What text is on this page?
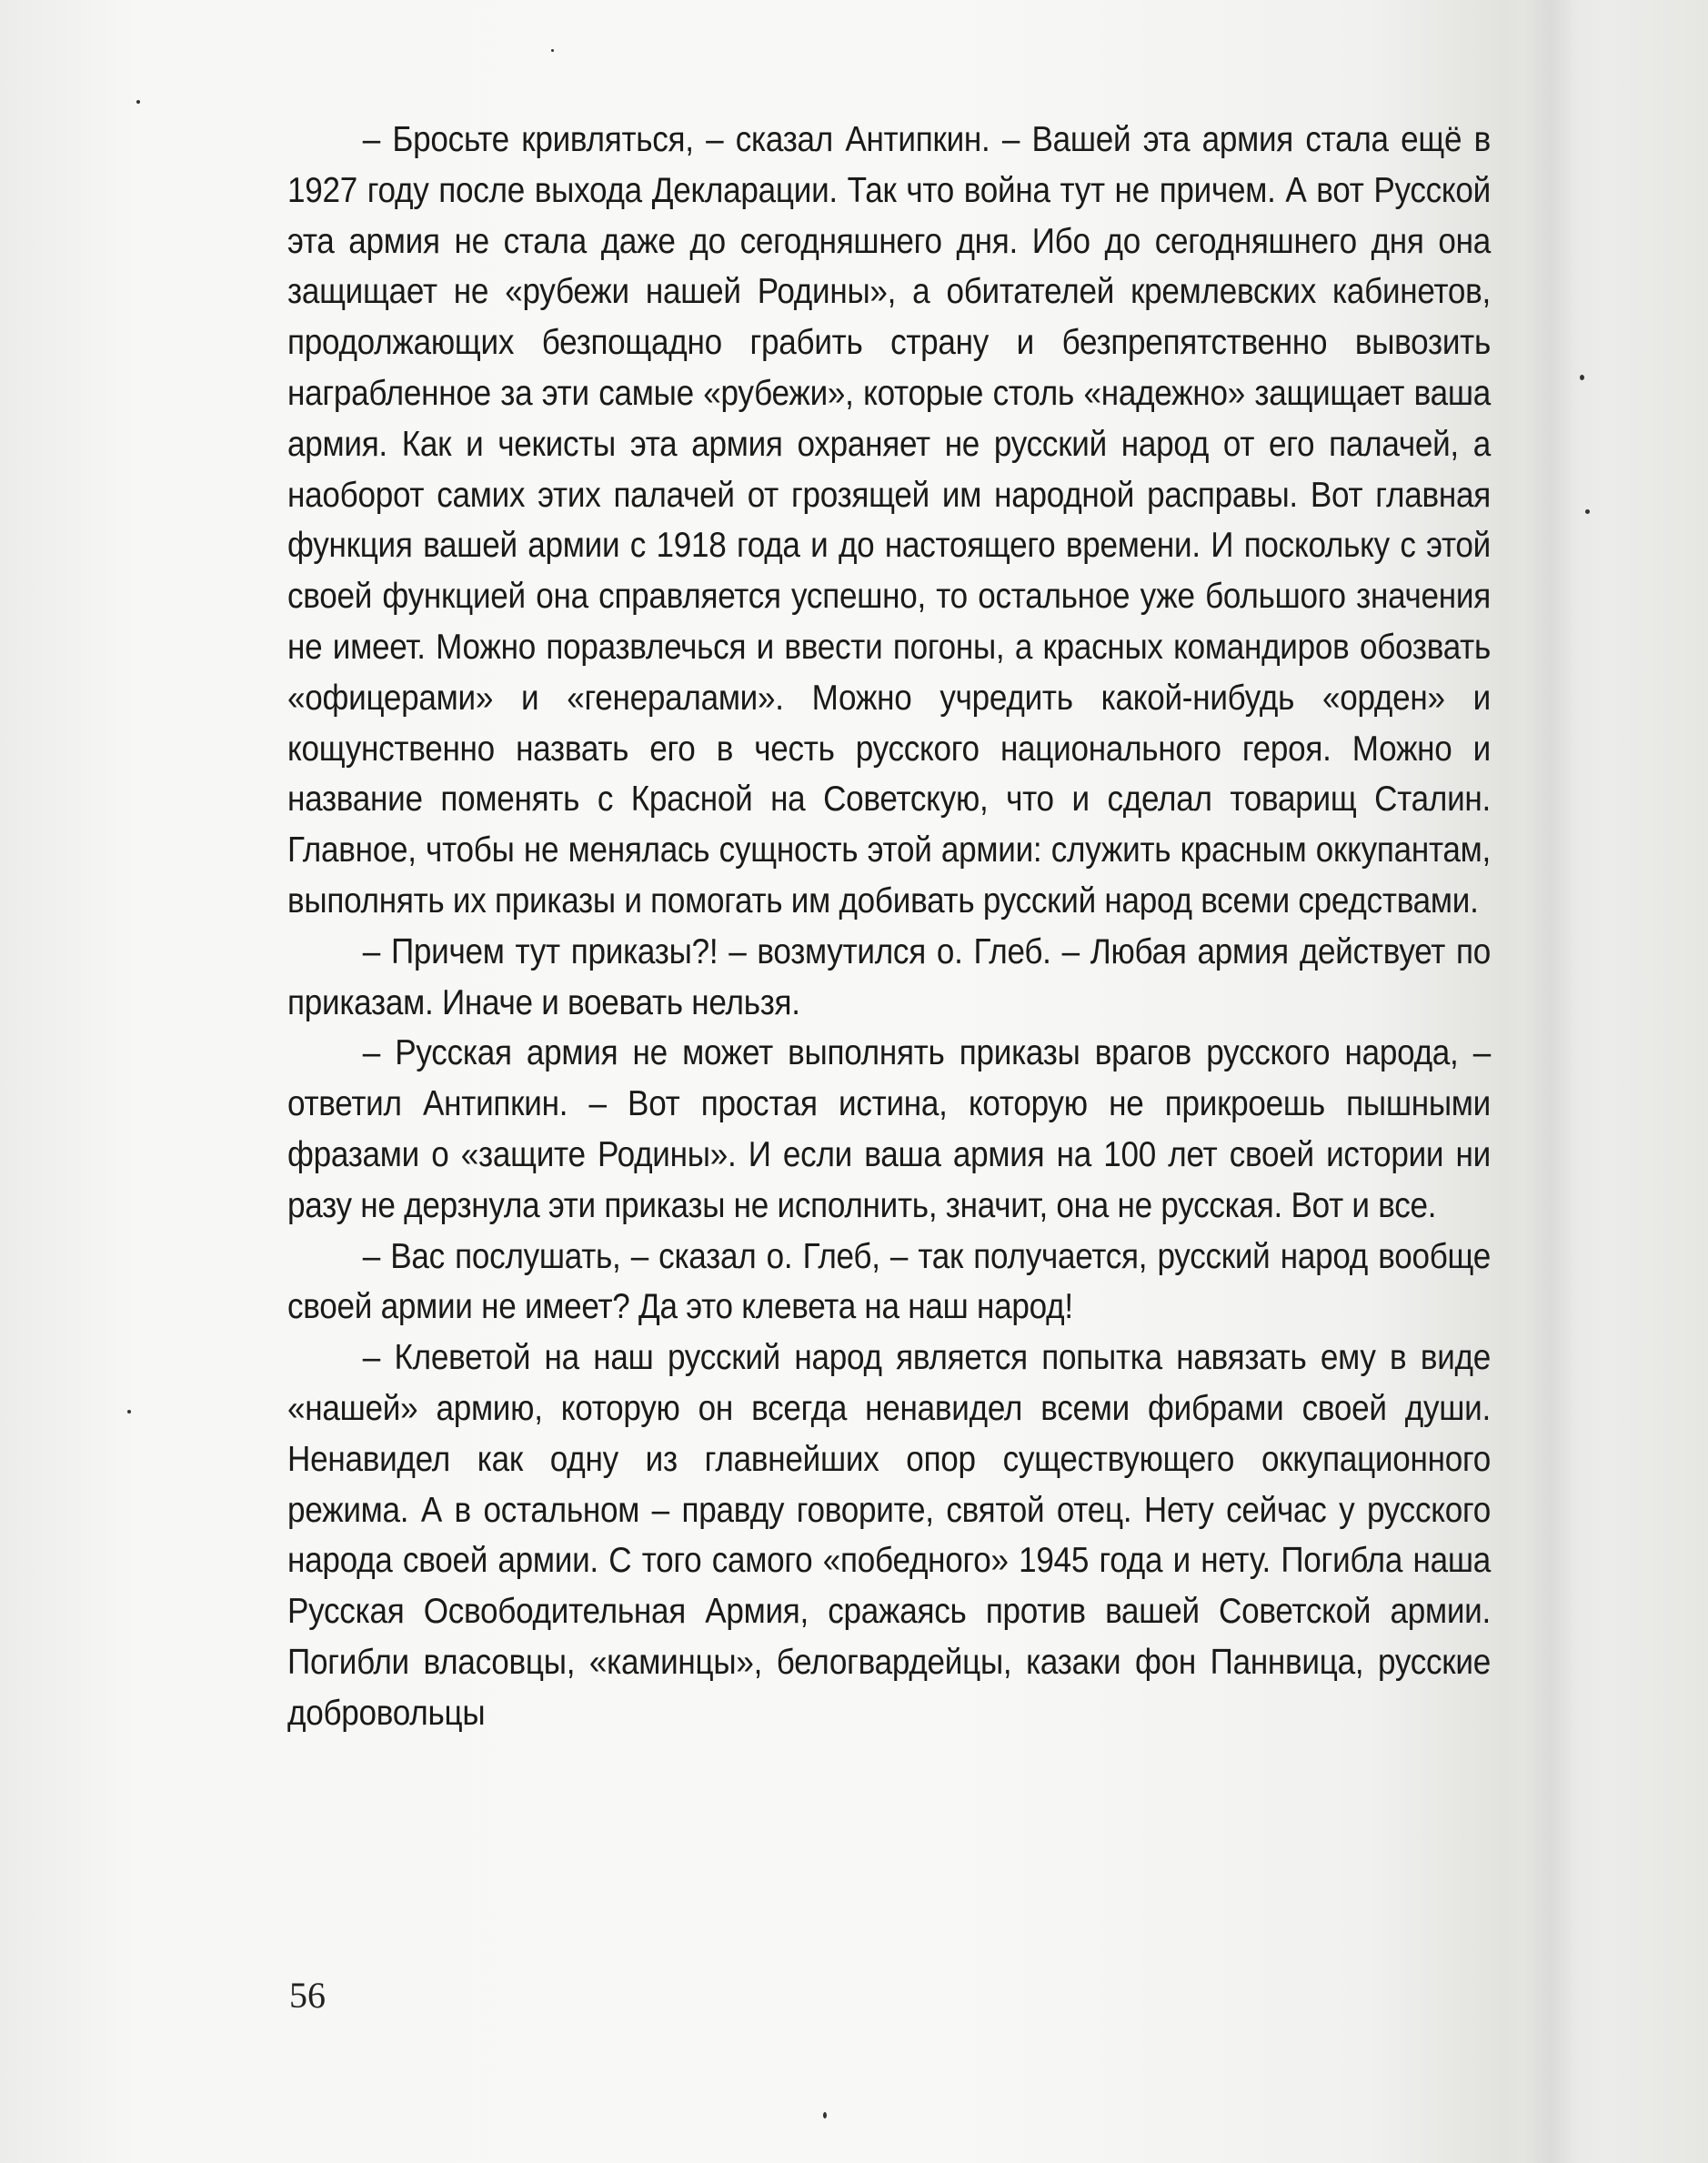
– Бросьте кривляться, – сказал Антипкин. – Вашей эта армия стала ещё в 1927 году после выхода Декларации. Так что война тут не причем. А вот Русской эта армия не стала даже до сегодняшнего дня. Ибо до сегодняшнего дня она защищает не «рубежи нашей Родины», а обитателей кремлевских кабинетов, продолжающих безпощадно грабить страну и безпрепятственно вывозить награбленное за эти самые «рубежи», которые столь «надежно» защищает ваша армия. Как и чекисты эта армия охраняет не русский народ от его палачей, а наоборот самих этих палачей от грозящей им народной расправы. Вот главная функция вашей армии с 1918 года и до настоящего времени. И поскольку с этой своей функцией она справляется успешно, то остальное уже большого значения не имеет. Можно поразвлечься и ввести погоны, а красных командиров обозвать «офицерами» и «генералами». Можно учредить какой-нибудь «орден» и кощунственно назвать его в честь русского национального героя. Можно и название поменять с Красной на Советскую, что и сделал товарищ Сталин. Главное, чтобы не менялась сущность этой армии: служить красным оккупантам, выполнять их приказы и помогать им добивать русский народ всеми средствами.

– Причем тут приказы?! – возмутился о. Глеб. – Любая армия действует по приказам. Иначе и воевать нельзя.

– Русская армия не может выполнять приказы врагов русского народа, – ответил Антипкин. – Вот простая истина, которую не прикроешь пышными фразами о «защите Родины». И если ваша армия на 100 лет своей истории ни разу не дерзнула эти приказы не исполнить, значит, она не русская. Вот и все.

– Вас послушать, – сказал о. Глеб, – так получается, русский народ вообще своей армии не имеет? Да это клевета на наш народ!

– Клеветой на наш русский народ является попытка навязать ему в виде «нашей» армию, которую он всегда ненавидел всеми фибрами своей души. Ненавидел как одну из главнейших опор существующего оккупационного режима. А в остальном – правду говорите, святой отец. Нету сейчас у русского народа своей армии. С того самого «победного» 1945 года и нету. Погибла наша Русская Освободительная Армия, сражаясь против вашей Советской армии. Погибли власовцы, «каминцы», белогвардейцы, казаки фон Паннвица, русские добровольцы

56
